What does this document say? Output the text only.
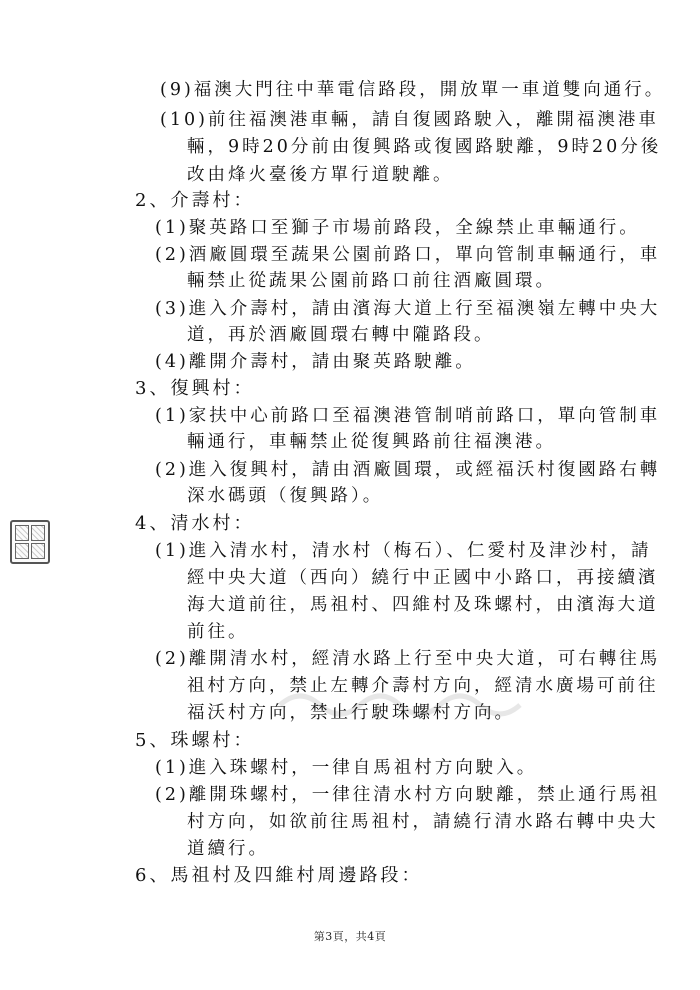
(9)福澳大門往中華電信路段，開放單一車道雙向通行。
(10)前往福澳港車輛，請自復國路駛入，離開福澳港車
輛，9時20分前由復興路或復國路駛離，9時20分後
改由烽火臺後方單行道駛離。
2、介壽村：
(1)聚英路口至獅子市場前路段，全線禁止車輛通行。
(2)酒廠圓環至蔬果公園前路口，單向管制車輛通行，車
輛禁止從蔬果公園前路口前往酒廠圓環。
(3)進入介壽村，請由濱海大道上行至福澳嶺左轉中央大
道，再於酒廠圓環右轉中隴路段。
(4)離開介壽村，請由聚英路駛離。
3、復興村：
(1)家扶中心前路口至福澳港管制哨前路口，單向管制車
輛通行，車輛禁止從復興路前往福澳港。
(2)進入復興村，請由酒廠圓環，或經福沃村復國路右轉
深水碼頭（復興路）。
4、清水村：
(1)進入清水村，清水村（梅石）、仁愛村及津沙村，請
經中央大道（西向）繞行中正國中小路口，再接續濱
海大道前往，馬祖村、四維村及珠螺村，由濱海大道
前往。
(2)離開清水村，經清水路上行至中央大道，可右轉往馬
祖村方向，禁止左轉介壽村方向，經清水廣場可前往
福沃村方向，禁止行駛珠螺村方向。
5、珠螺村：
(1)進入珠螺村，一律自馬祖村方向駛入。
(2)離開珠螺村，一律往清水村方向駛離，禁止通行馬祖
村方向，如欲前往馬祖村，請繞行清水路右轉中央大
道續行。
6、馬祖村及四維村周邊路段：
第3頁，共4頁
